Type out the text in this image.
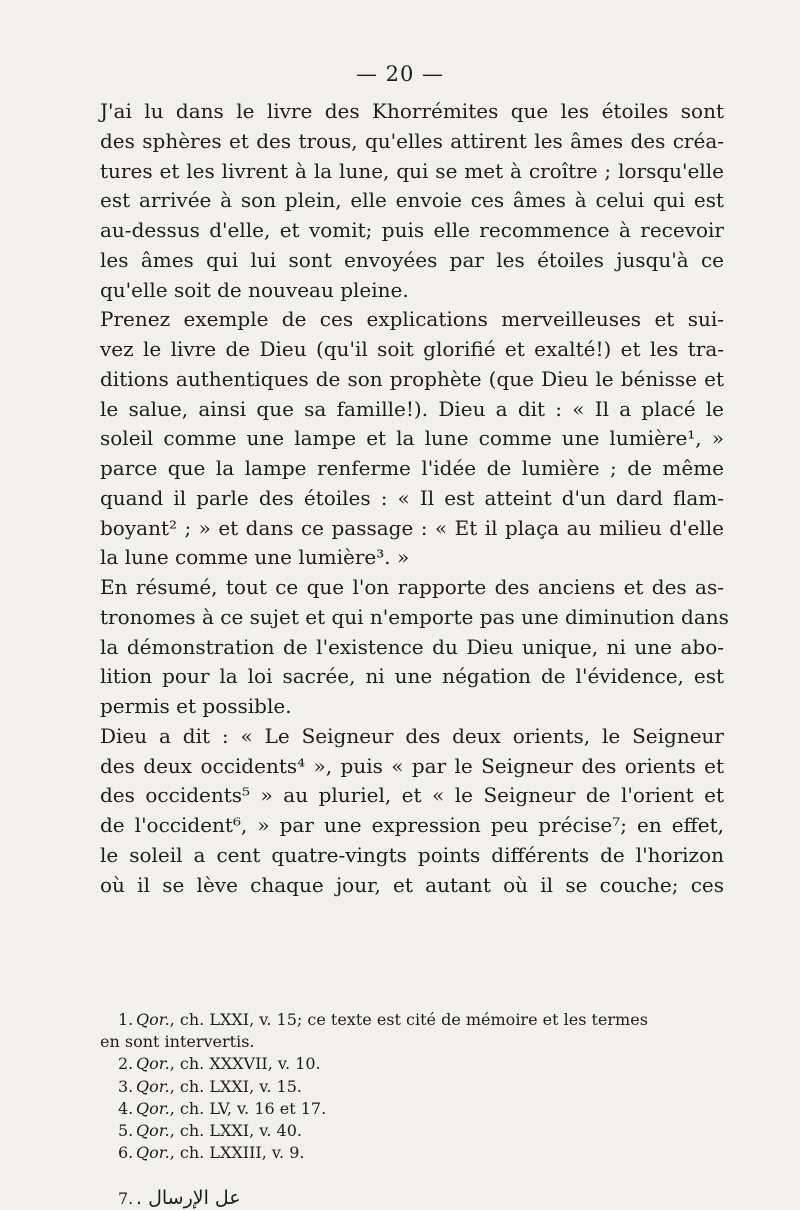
— 20 —
J'ai lu dans le livre des Khorrémites que les étoiles sont
des sphères et des trous, qu'elles attirent les âmes des créa-
tures et les livrent à la lune, qui se met à croître ; lorsqu'elle
est arrivée à son plein, elle envoie ces âmes à celui qui est
au-dessus d'elle, et vomit; puis elle recommence à recevoir
les âmes qui lui sont envoyées par les étoiles jusqu'à ce
qu'elle soit de nouveau pleine.
Prenez exemple de ces explications merveilleuses et sui-
vez le livre de Dieu (qu'il soit glorifié et exalté!) et les tra-
ditions authentiques de son prophète (que Dieu le bénisse et
le salue, ainsi que sa famille!). Dieu a dit : « Il a placé le
soleil comme une lampe et la lune comme une lumière¹, »
parce que la lampe renferme l'idée de lumière ; de même
quand il parle des étoiles : « Il est atteint d'un dard flam-
boyant² ; » et dans ce passage : « Et il plaça au milieu d'elle
la lune comme une lumière³. »
En résumé, tout ce que l'on rapporte des anciens et des as-
tronomes à ce sujet et qui n'emporte pas une diminution dans
la démonstration de l'existence du Dieu unique, ni une abo-
lition pour la loi sacrée, ni une négation de l'évidence, est
permis et possible.
Dieu a dit : « Le Seigneur des deux orients, le Seigneur
des deux occidents⁴ », puis « par le Seigneur des orients et
des occidents⁵ » au pluriel, et « le Seigneur de l'orient et
de l'occident⁶, » par une expression peu précise⁷; en effet,
le soleil a cent quatre-vingts points différents de l'horizon
où il se lève chaque jour, et autant où il se couche; ces
1. Qor., ch. LXXI, v. 15; ce texte est cité de mémoire et les termes
en sont intervertis.
2. Qor., ch. XXXVII, v. 10.
3. Qor., ch. LXXI, v. 15.
4. Qor., ch. LV, v. 16 et 17.
5. Qor., ch. LXXI, v. 40.
6. Qor., ch. LXXIII, v. 9.
7. عل الإرسال .
